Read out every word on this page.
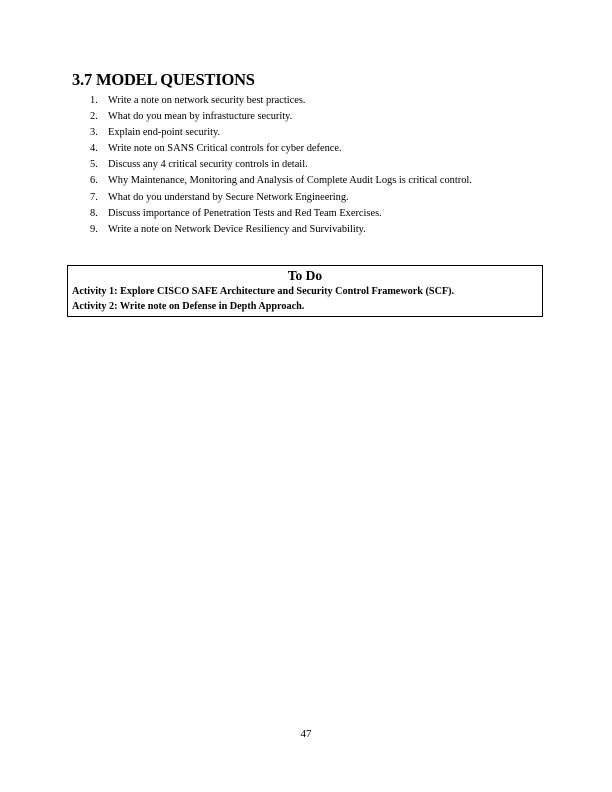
3.7 MODEL QUESTIONS
1. Write a note on network security best practices.
2. What do you mean by infrastucture security.
3. Explain end-point security.
4. Write note on SANS Critical controls for cyber defence.
5. Discuss any 4 critical security controls in detail.
6. Why Maintenance, Monitoring and Analysis of Complete Audit Logs is critical control.
7. What do you understand by Secure Network Engineering.
8. Discuss importance of Penetration Tests and Red Team Exercises.
9. Write a note on Network Device Resiliency and Survivability.
To Do
Activity 1: Explore CISCO SAFE Architecture and Security Control Framework (SCF).
Activity 2: Write note on Defense in Depth Approach.
47
